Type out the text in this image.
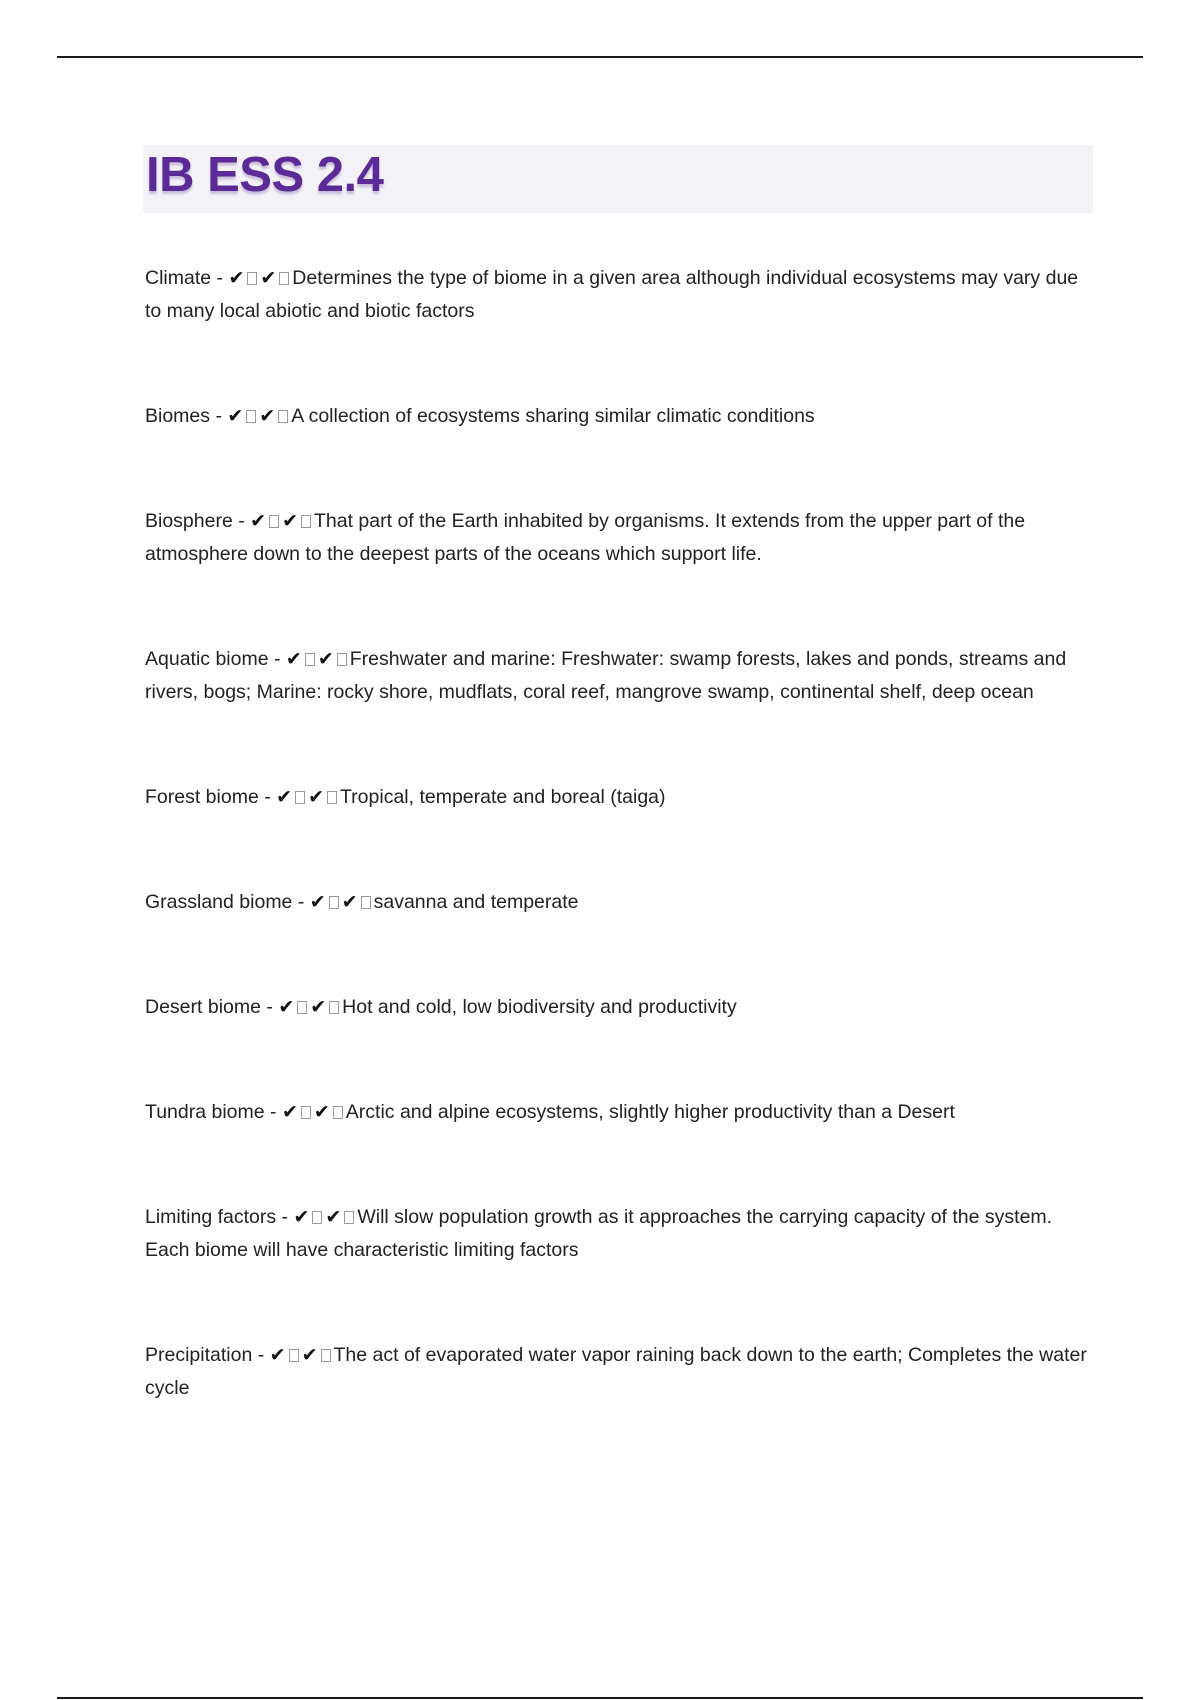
IB ESS 2.4

Climate - ✔ ✔ Determines the type of biome in a given area although individual ecosystems may vary due to many local abiotic and biotic factors

Biomes - ✔ ✔ A collection of ecosystems sharing similar climatic conditions

Biosphere - ✔ ✔ That part of the Earth inhabited by organisms. It extends from the upper part of the atmosphere down to the deepest parts of the oceans which support life.

Aquatic biome - ✔ ✔ Freshwater and marine: Freshwater: swamp forests, lakes and ponds, streams and rivers, bogs; Marine: rocky shore, mudflats, coral reef, mangrove swamp, continental shelf, deep ocean

Forest biome - ✔ ✔ Tropical, temperate and boreal (taiga)

Grassland biome - ✔ ✔ savanna and temperate

Desert biome - ✔ ✔ Hot and cold, low biodiversity and productivity

Tundra biome - ✔ ✔ Arctic and alpine ecosystems, slightly higher productivity than a Desert

Limiting factors - ✔ ✔ Will slow population growth as it approaches the carrying capacity of the system. Each biome will have characteristic limiting factors

Precipitation - ✔ ✔ The act of evaporated water vapor raining back down to the earth; Completes the water cycle
